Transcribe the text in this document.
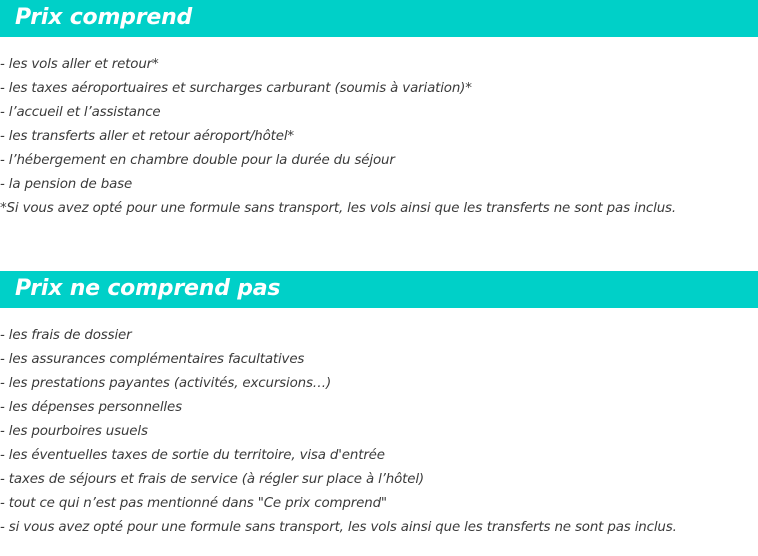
Prix comprend
- les vols aller et retour*
- les taxes aéroportuaires et surcharges carburant (soumis à variation)*
- l’accueil et l’assistance
- les transferts aller et retour aéroport/hôtel*
- l’hébergement en chambre double pour la durée du séjour
- la pension de base
*Si vous avez opté pour une formule sans transport, les vols ainsi que les transferts ne sont pas inclus.
Prix ne comprend pas
- les frais de dossier
- les assurances complémentaires facultatives
- les prestations payantes (activités, excursions…)
- les dépenses personnelles
- les pourboires usuels
- les éventuelles taxes de sortie du territoire, visa d'entrée
- taxes de séjours et frais de service (à régler sur place à l’hôtel)
- tout ce qui n’est pas mentionné dans "Ce prix comprend"
- si vous avez opté pour une formule sans transport, les vols ainsi que les transferts ne sont pas inclus.
